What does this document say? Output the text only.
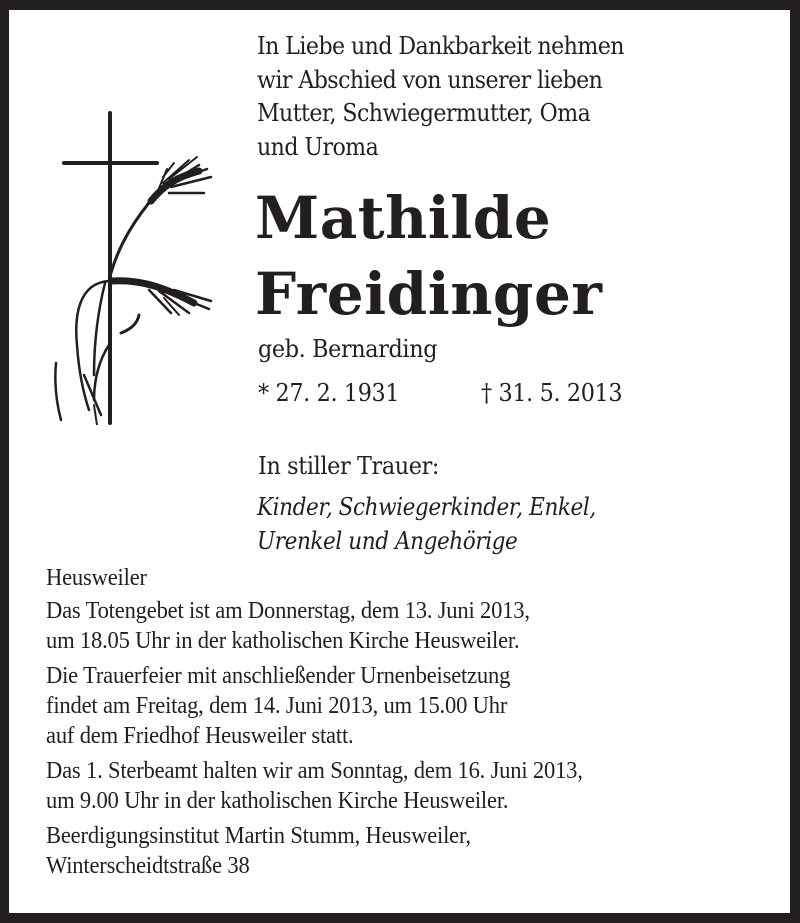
In Liebe und Dankbarkeit nehmen
wir Abschied von unserer lieben
Mutter, Schwiegermutter, Oma
und Uroma
Mathilde
Freidinger
geb. Bernarding
* 27. 2. 1931	† 31. 5. 2013
In stiller Trauer:
Kinder, Schwiegerkinder, Enkel,
Urenkel und Angehörige
Heusweiler
Das Totengebet ist am Donnerstag, dem 13. Juni 2013,
um 18.05 Uhr in der katholischen Kirche Heusweiler.
Die Trauerfeier mit anschließender Urnenbeisetzung
findet am Freitag, dem 14. Juni 2013, um 15.00 Uhr
auf dem Friedhof Heusweiler statt.
Das 1. Sterbeamt halten wir am Sonntag, dem 16. Juni 2013,
um 9.00 Uhr in der katholischen Kirche Heusweiler.
Beerdigungsinstitut Martin Stumm, Heusweiler,
Winterscheidtstraße 38
